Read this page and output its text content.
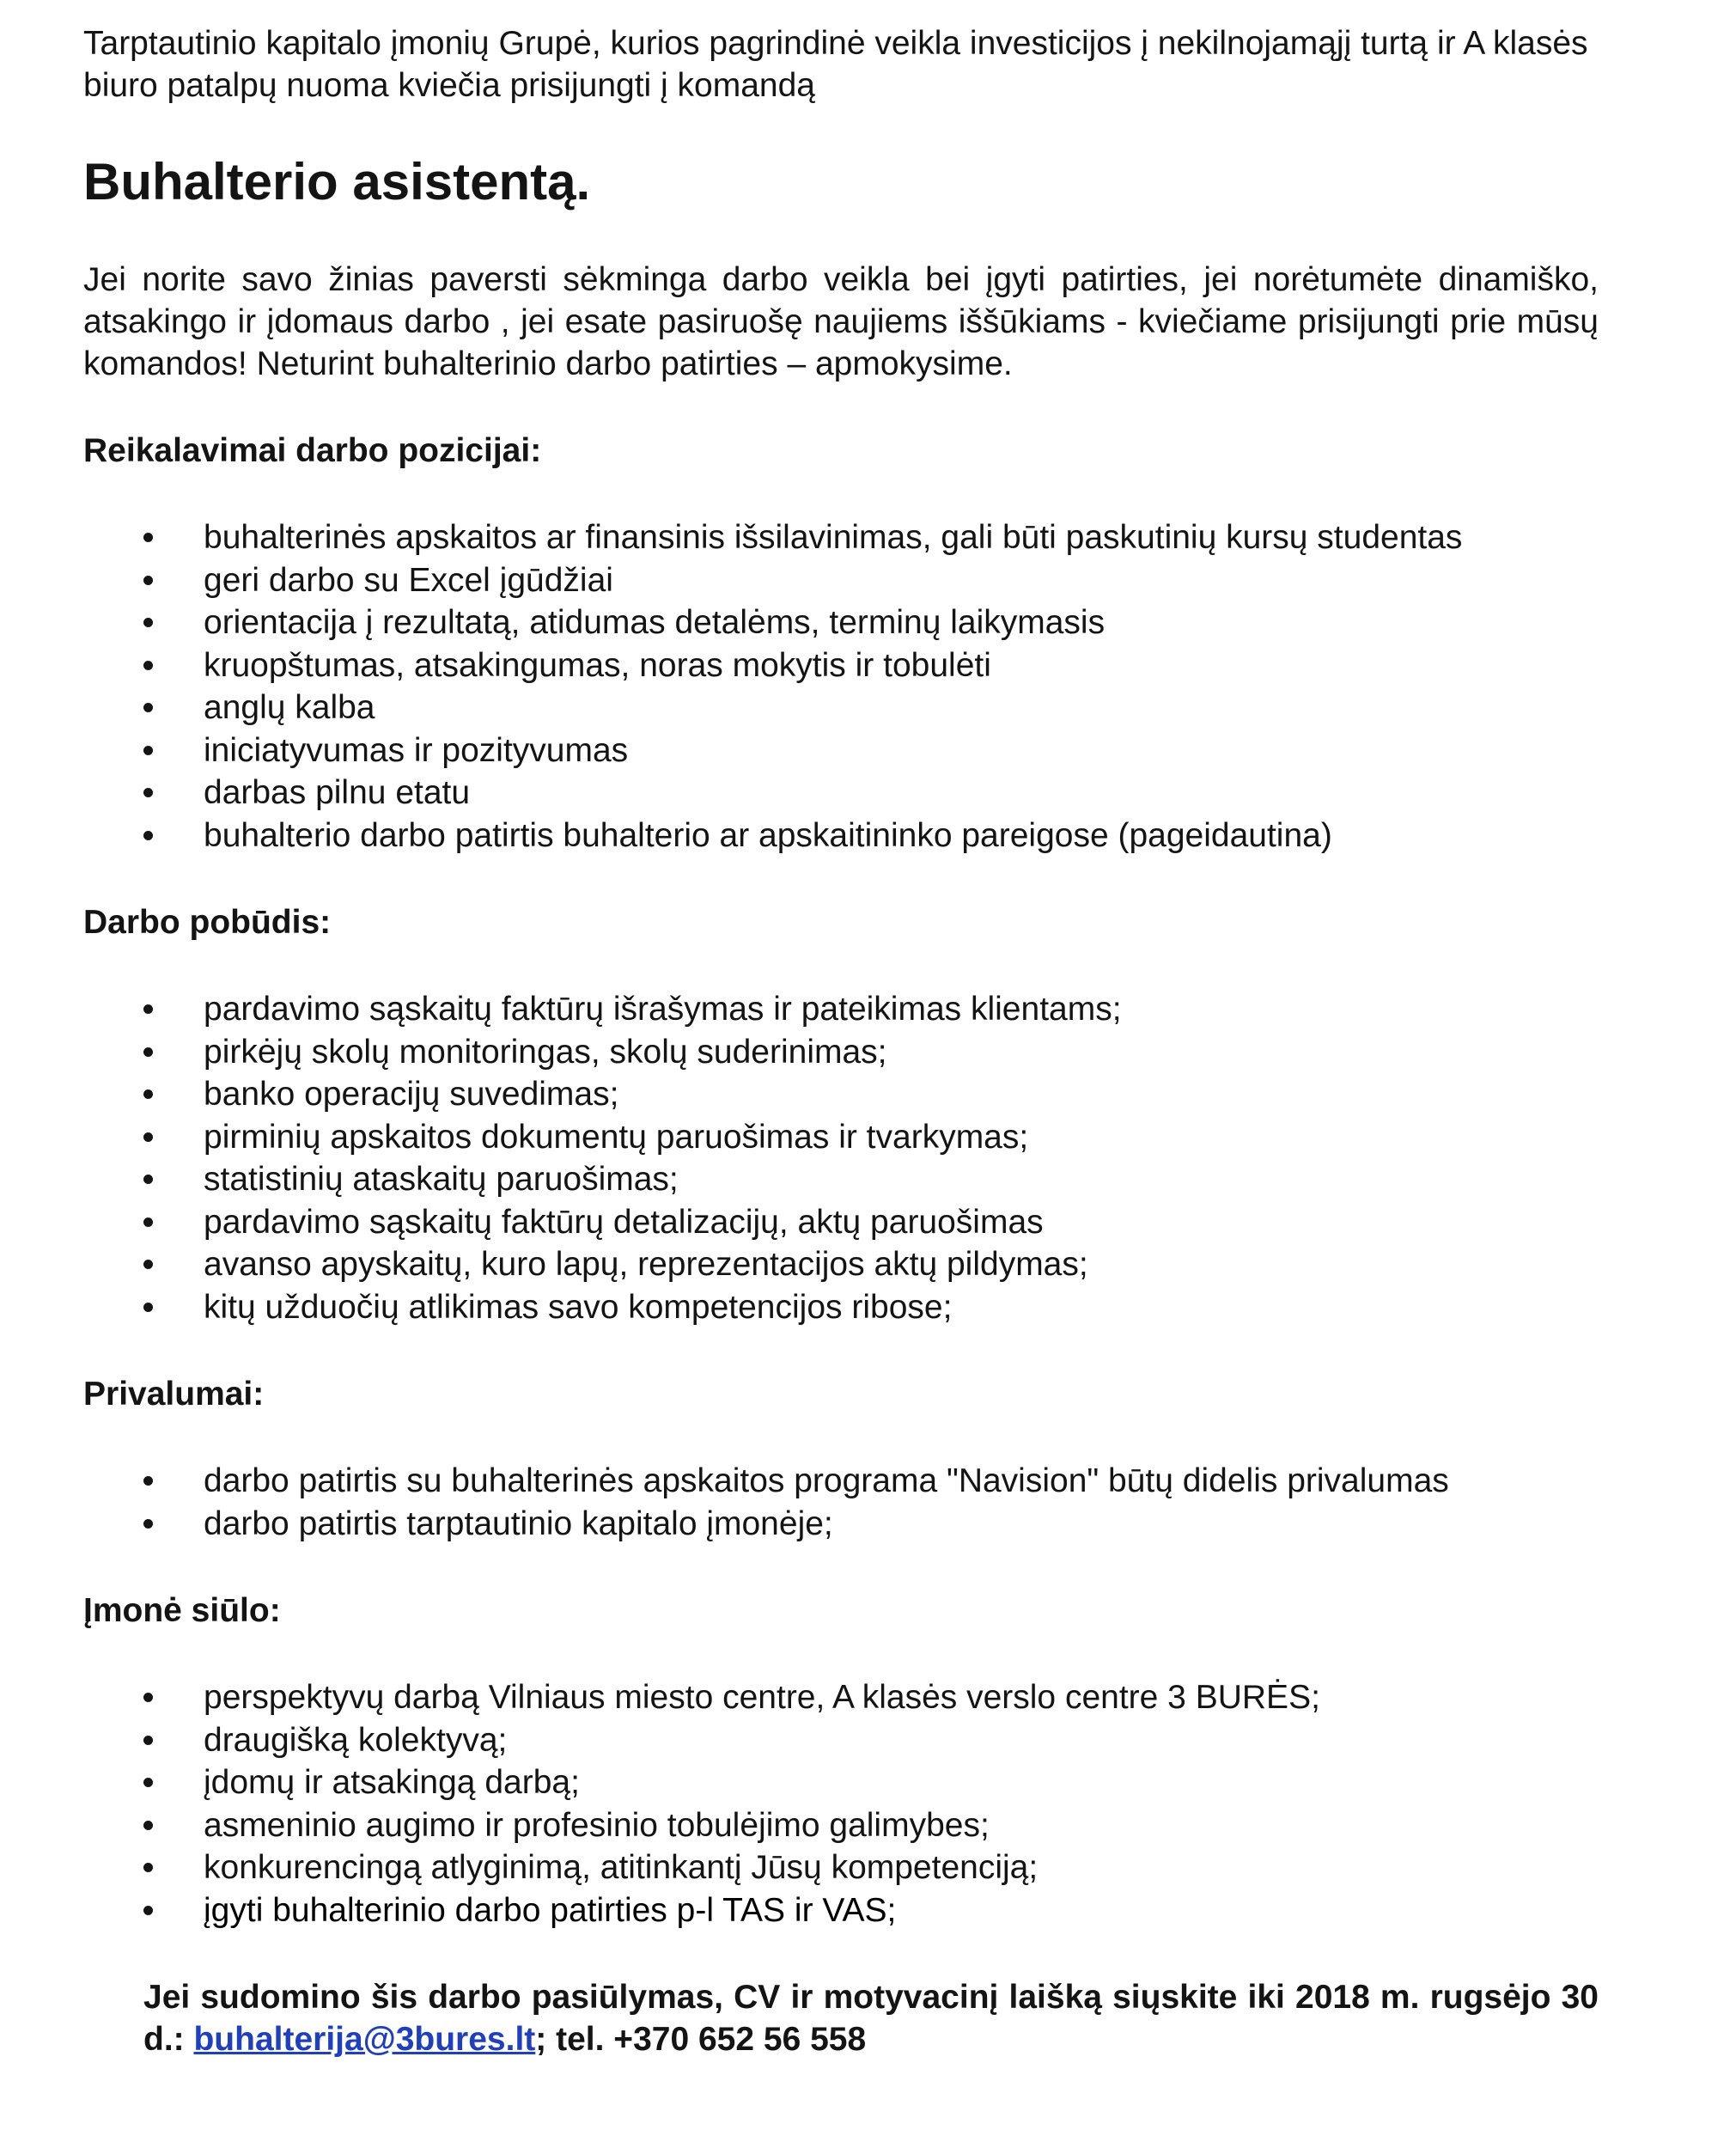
Tarptautinio kapitalo įmonių Grupė, kurios pagrindinė veikla investicijos į nekilnojamąjį turtą ir A klasės biuro patalpų nuoma kviečia prisijungti į komandą

Buhalterio asistentą.

Jei norite savo žinias paversti sėkminga darbo veikla bei įgyti patirties, jei norėtumėte dinamiško, atsakingo ir įdomaus darbo , jei esate pasiruošę naujiems iššūkiams - kviečiame prisijungti prie mūsų komandos! Neturint buhalterinio darbo patirties – apmokysime.

Reikalavimai darbo pozicijai:
buhalterinės apskaitos ar finansinis išsilavinimas, gali būti paskutinių kursų studentas
geri darbo su Excel įgūdžiai
orientacija į rezultatą, atidumas detalėms, terminų laikymasis
kruopštumas, atsakingumas, noras mokytis ir tobulėti
anglų kalba
iniciatyvumas ir pozityvumas
darbas pilnu etatu
buhalterio darbo patirtis buhalterio ar apskaitininko pareigose (pageidautina)
Darbo pobūdis:
pardavimo sąskaitų faktūrų išrašymas ir pateikimas klientams;
pirkėjų skolų monitoringas, skolų suderinimas;
banko operacijų suvedimas;
pirminių apskaitos dokumentų paruošimas ir tvarkymas;
statistinių ataskaitų paruošimas;
pardavimo sąskaitų faktūrų detalizacijų, aktų paruošimas
avanso apyskaitų, kuro lapų, reprezentacijos aktų pildymas;
kitų užduočių atlikimas savo kompetencijos ribose;
Privalumai:
darbo patirtis su buhalterinės apskaitos programa "Navision" būtų didelis privalumas
darbo patirtis tarptautinio kapitalo įmonėje;
Įmonė siūlo:
perspektyvų darbą Vilniaus miesto centre, A klasės verslo centre 3 BURĖS;
draugišką kolektyvą;
įdomų ir atsakingą darbą;
asmeninio augimo ir profesinio tobulėjimo galimybes;
konkurencingą atlyginimą, atitinkantį Jūsų kompetenciją;
įgyti buhalterinio darbo patirties p-l TAS ir VAS;

Jei sudomino šis darbo pasiūlymas, CV ir motyvacinį laišką siųskite iki 2018 m. rugsėjo 30 d.: buhalterija@3bures.lt; tel. +370 652 56 558
